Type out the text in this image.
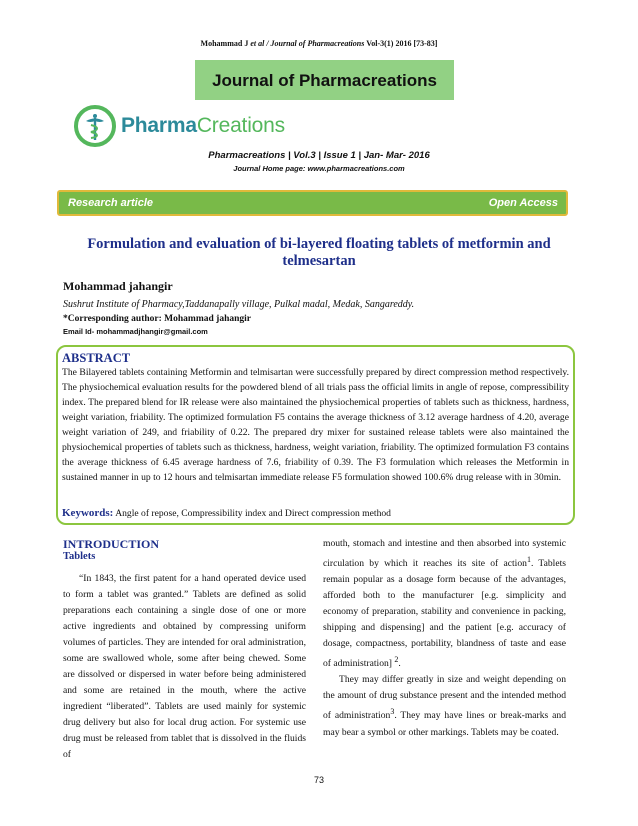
Mohammad J et al / Journal of Pharmacreations Vol-3(1) 2016 [73-83]
Journal of Pharmacreations
PharmaCreations
Pharmacreations | Vol.3 | Issue 1 | Jan- Mar- 2016
Journal Home page: www.pharmacreations.com
Research article	Open Access
Formulation and evaluation of bi-layered floating tablets of metformin and telmesartan
Mohammad jahangir
Sushrut Institute of Pharmacy,Taddanapally village, Pulkal madal, Medak, Sangareddy.
*Corresponding author: Mohammad jahangir
Email Id- mohammadjhangir@gmail.com
ABSTRACT
The Bilayered tablets containing Metformin and telmisartan were successfully prepared by direct compression method respectively. The physiochemical evaluation results for the powdered blend of all trials pass the official limits in angle of repose, compressibility index. The prepared blend for IR release were also maintained the physiochemical properties of tablets such as thickness, hardness, weight variation, friability. The optimized formulation F5 contains the average thickness of 3.12 average hardness of 4.20, average weight variation of 249, and friability of 0.22. The prepared dry mixer for sustained release tablets were also maintained the physiochemical properties of tablets such as thickness, hardness, weight variation, friability. The optimized formulation F3 contains the average thickness of 6.45 average hardness of 7.6, friability of 0.39. The F3 formulation which releases the Metformin in sustained manner in up to 12 hours and telmisartan immediate release F5 formulation showed 100.6% drug release with in 30min.
Keywords: Angle of repose, Compressibility index and Direct compression method
INTRODUCTION
Tablets

“In 1843, the first patent for a hand operated device used to form a tablet was granted.” Tablets are defined as solid preparations each containing a single dose of one or more active ingredients and obtained by compressing uniform volumes of particles. They are intended for oral administration, some are swallowed whole, some after being chewed. Some are dissolved or dispersed in water before being administered and some are retained in the mouth, where the active ingredient “liberated”. Tablets are used mainly for systemic drug delivery but also for local drug action. For systemic use drug must be released from tablet that is dissolved in the fluids of

mouth, stomach and intestine and then absorbed into systemic circulation by which it reaches its site of action$^1$. Tablets remain popular as a dosage form because of the advantages, afforded both to the manufacturer [e.g. simplicity and economy of preparation, stability and convenience in packing, shipping and dispensing] and the patient [e.g. accuracy of dosage, compactness, portability, blandness of taste and ease of administration] $^2$.

They may differ greatly in size and weight depending on the amount of drug substance present and the intended method of administration$^3$. They may have lines or break-marks and may bear a symbol or other markings. Tablets may be coated.

73
